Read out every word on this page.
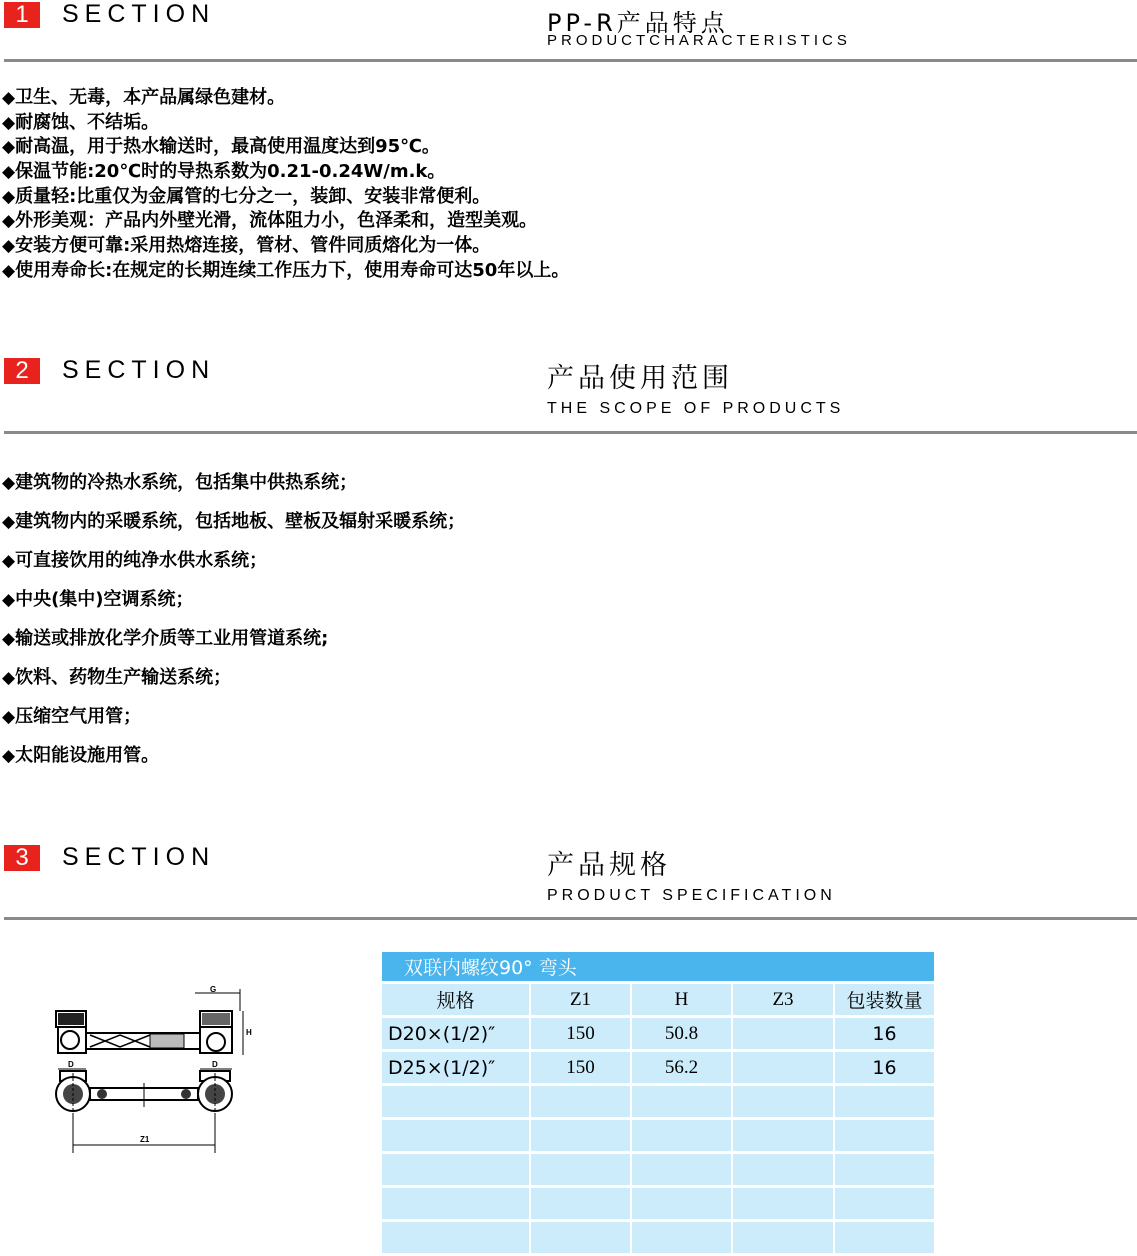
1	SECTION	PP-R产品特点
PRODUCTCHARACTERISTICS
◆卫生、无毒，本产品属绿色建材。
◆耐腐蚀、不结垢。
◆耐高温，用于热水输送时，最高使用温度达到95℃。
◆保温节能:20℃时的导热系数为0.21-0.24W/m.k。
◆质量轻:比重仅为金属管的七分之一，装卸、安装非常便利。
◆外形美观：产品内外壁光滑，流体阻力小，色泽柔和，造型美观。
◆安装方便可靠:采用热熔连接，管材、管件同质熔化为一体。
◆使用寿命长:在规定的长期连续工作压力下，使用寿命可达50年以上。
2	SECTION	产品使用范围
THE SCOPE OF PRODUCTS
◆建筑物的冷热水系统，包括集中供热系统；
◆建筑物内的采暖系统，包括地板、壁板及辐射采暖系统；
◆可直接饮用的纯净水供水系统；
◆中央(集中)空调系统；
◆输送或排放化学介质等工业用管道系统;
◆饮料、药物生产输送系统；
◆压缩空气用管；
◆太阳能设施用管。
3	SECTION	产品规格
PRODUCT SPECIFICATION
G
H
D	D
Z1
双联内螺纹90° 弯头				
规格	Z1	H	Z3	包装数量
D20×(1/2)″	150	50.8		16
D25×(1/2)″	150	56.2		16
